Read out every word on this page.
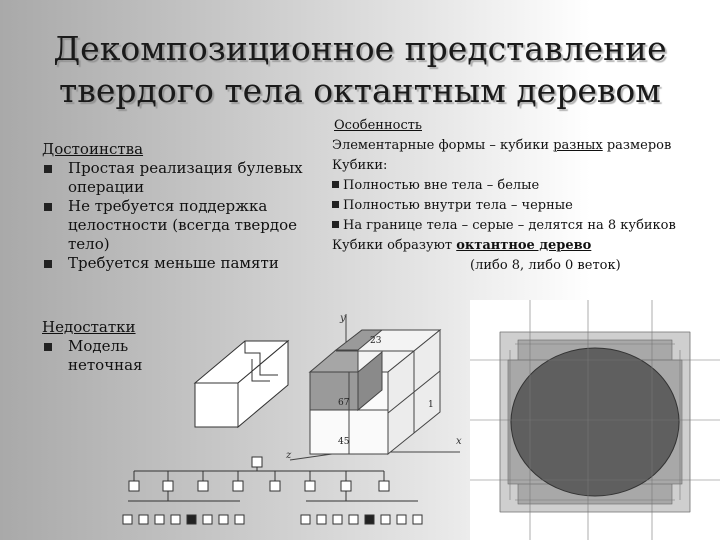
Декомпозиционное представление
твердого тела октантным деревом
Достоинства
Простая реализация булевых операции
Не требуется поддержка целостности (всегда твердое тело)
Требуется меньше памяти
Недостатки
Модель неточная
Особенность
Элементарные формы – кубики разных размеров
Кубики:
Полностью вне тела – белые
Полностью внутри тела – черные
На границе тела – серые – делятся на 8 кубиков
Кубики образуют октантное дерево
(либо 8, либо 0 веток)
y
x
z
23
67	1
45
